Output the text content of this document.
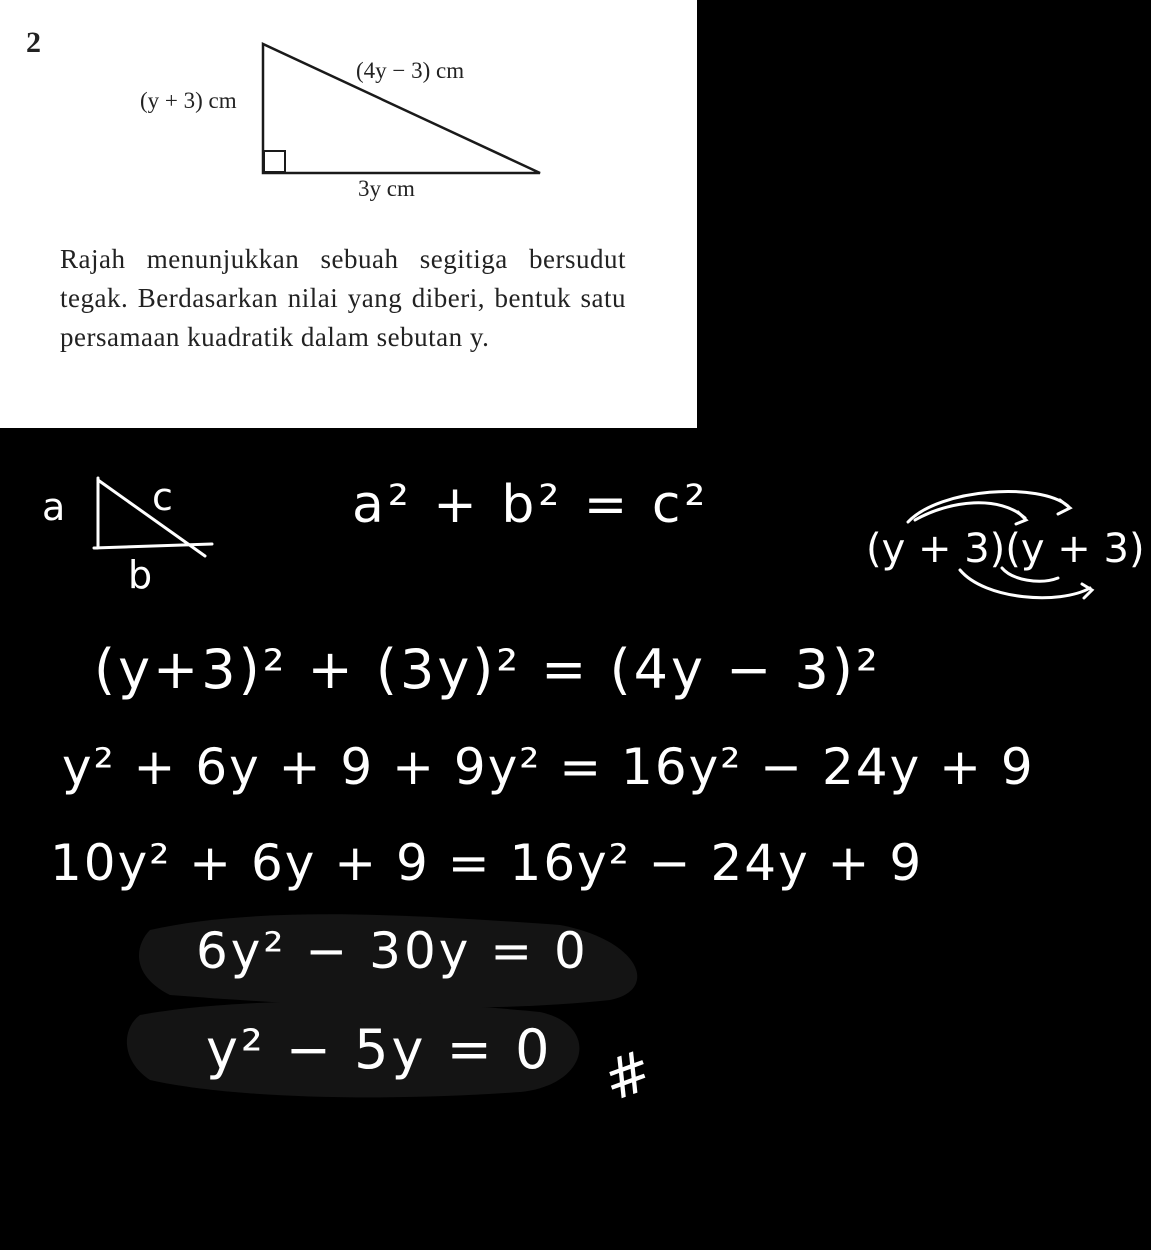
2
(y + 3) cm
(4y − 3) cm
3y cm
Rajah menunjukkan sebuah segitiga bersudut tegak. Berdasarkan nilai yang diberi, bentuk satu persamaan kuadratik dalam sebutan y.
a c
b
a² + b² = c²
(y + 3)(y + 3)
(y+3)² + (3y)² = (4y − 3)²
y² + 6y + 9 + 9y² = 16y² − 24y + 9
10y² + 6y + 9 = 16y² − 24y + 9
6y² − 30y = 0
y² − 5y = 0 #
